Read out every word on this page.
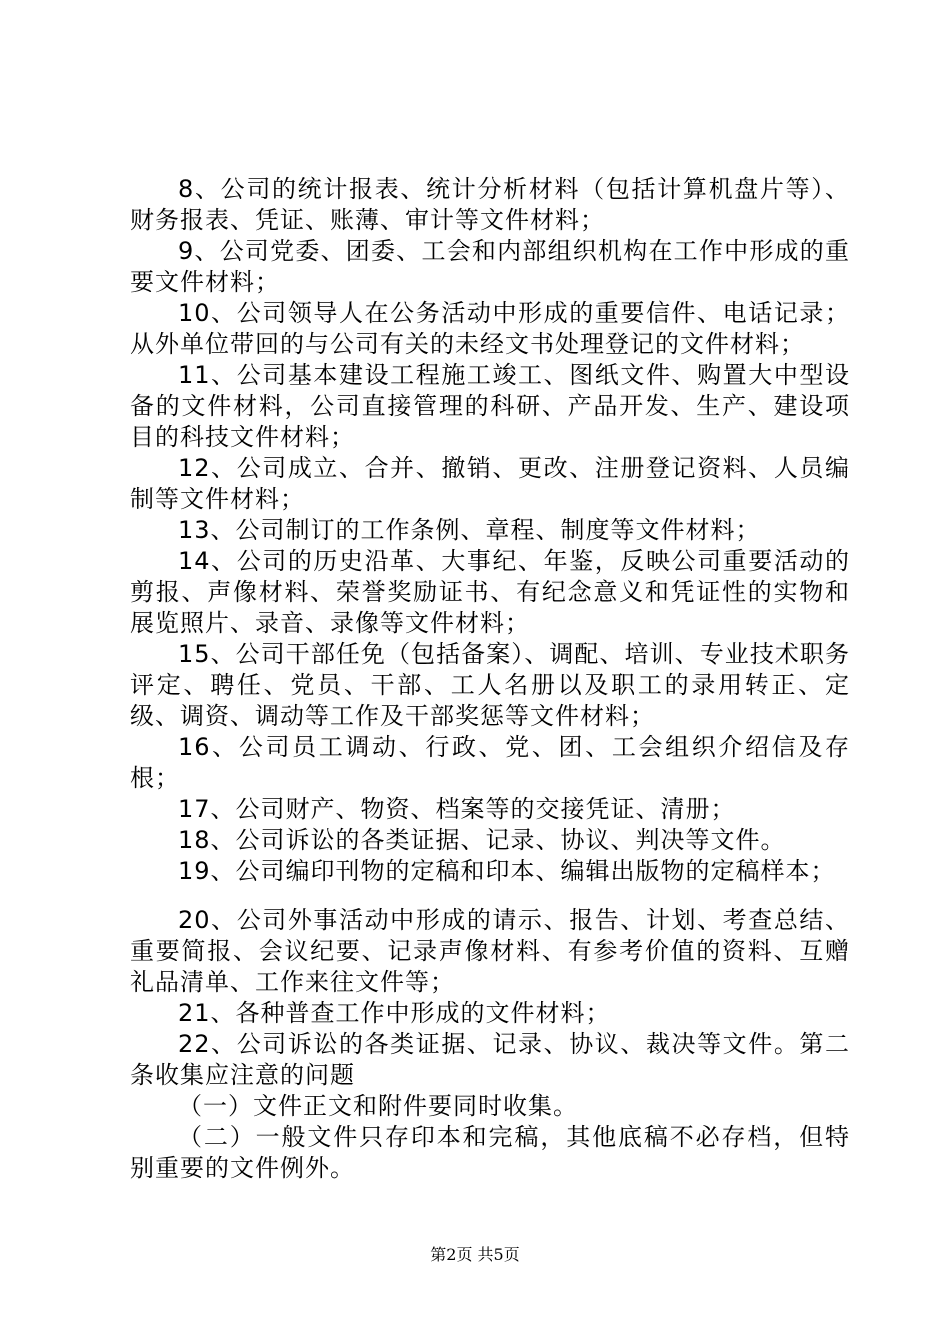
8、公司的统计报表、统计分析材料（包括计算机盘片等）、财务报表、凭证、账薄、审计等文件材料；

9、公司党委、团委、工会和内部组织机构在工作中形成的重要文件材料；

10、公司领导人在公务活动中形成的重要信件、电话记录；从外单位带回的与公司有关的未经文书处理登记的文件材料；

11、公司基本建设工程施工竣工、图纸文件、购置大中型设备的文件材料，公司直接管理的科研、产品开发、生产、建设项目的科技文件材料；

12、公司成立、合并、撤销、更改、注册登记资料、人员编制等文件材料；

13、公司制订的工作条例、章程、制度等文件材料；

14、公司的历史沿革、大事纪、年鉴，反映公司重要活动的剪报、声像材料、荣誉奖励证书、有纪念意义和凭证性的实物和展览照片、录音、录像等文件材料；

15、公司干部任免（包括备案）、调配、培训、专业技术职务评定、聘任、党员、干部、工人名册以及职工的录用转正、定级、调资、调动等工作及干部奖惩等文件材料；

16、公司员工调动、行政、党、团、工会组织介绍信及存根；

17、公司财产、物资、档案等的交接凭证、清册；

18、公司诉讼的各类证据、记录、协议、判决等文件。

19、公司编印刊物的定稿和印本、编辑出版物的定稿样本；

20、公司外事活动中形成的请示、报告、计划、考查总结、重要简报、会议纪要、记录声像材料、有参考价值的资料、互赠礼品清单、工作来往文件等；

21、各种普查工作中形成的文件材料；

22、公司诉讼的各类证据、记录、协议、裁决等文件。第二条收集应注意的问题

（一）文件正文和附件要同时收集。

（二）一般文件只存印本和完稿，其他底稿不必存档，但特别重要的文件例外。

第2页 共5页
